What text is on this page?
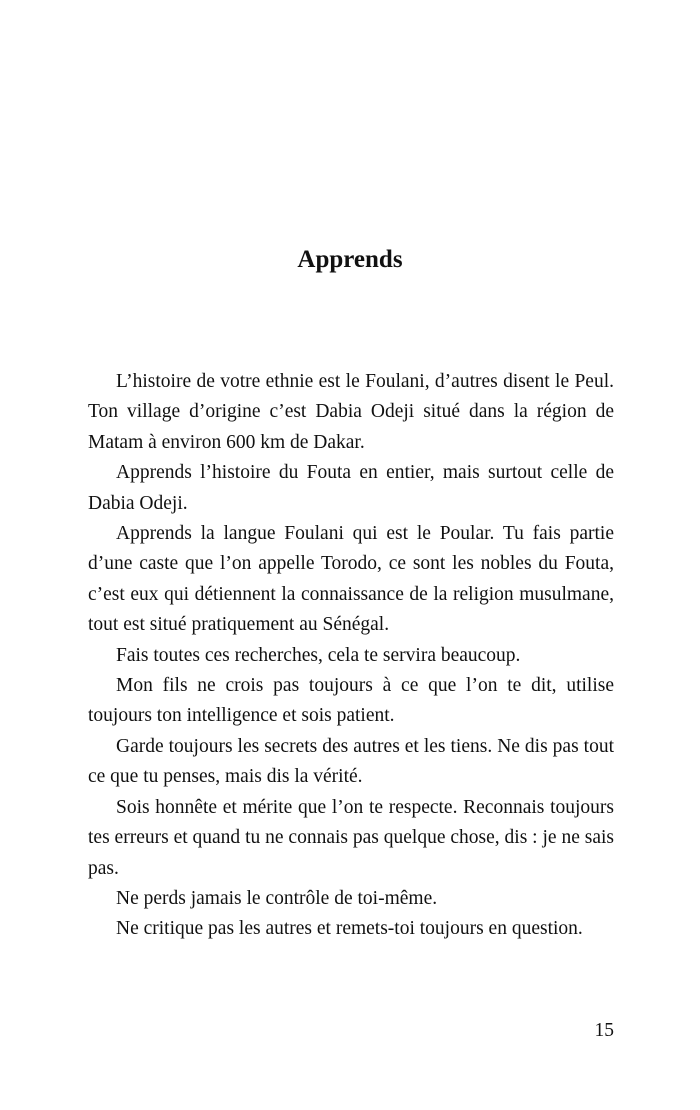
Apprends

L’histoire de votre ethnie est le Foulani, d’autres disent le Peul. Ton village d’origine c’est Dabia Odeji situé dans la région de Matam à environ 600 km de Dakar.

Apprends l’histoire du Fouta en entier, mais surtout celle de Dabia Odeji.

Apprends la langue Foulani qui est le Poular. Tu fais partie d’une caste que l’on appelle Torodo, ce sont les nobles du Fouta, c’est eux qui détiennent la connaissance de la religion musulmane, tout est situé pratiquement au Sénégal.

Fais toutes ces recherches, cela te servira beaucoup.

Mon fils ne crois pas toujours à ce que l’on te dit, utilise toujours ton intelligence et sois patient.

Garde toujours les secrets des autres et les tiens. Ne dis pas tout ce que tu penses, mais dis la vérité.

Sois honnête et mérite que l’on te respecte. Reconnais toujours tes erreurs et quand tu ne connais pas quelque chose, dis : je ne sais pas.

Ne perds jamais le contrôle de toi-même.

Ne critique pas les autres et remets-toi toujours en question.

15
